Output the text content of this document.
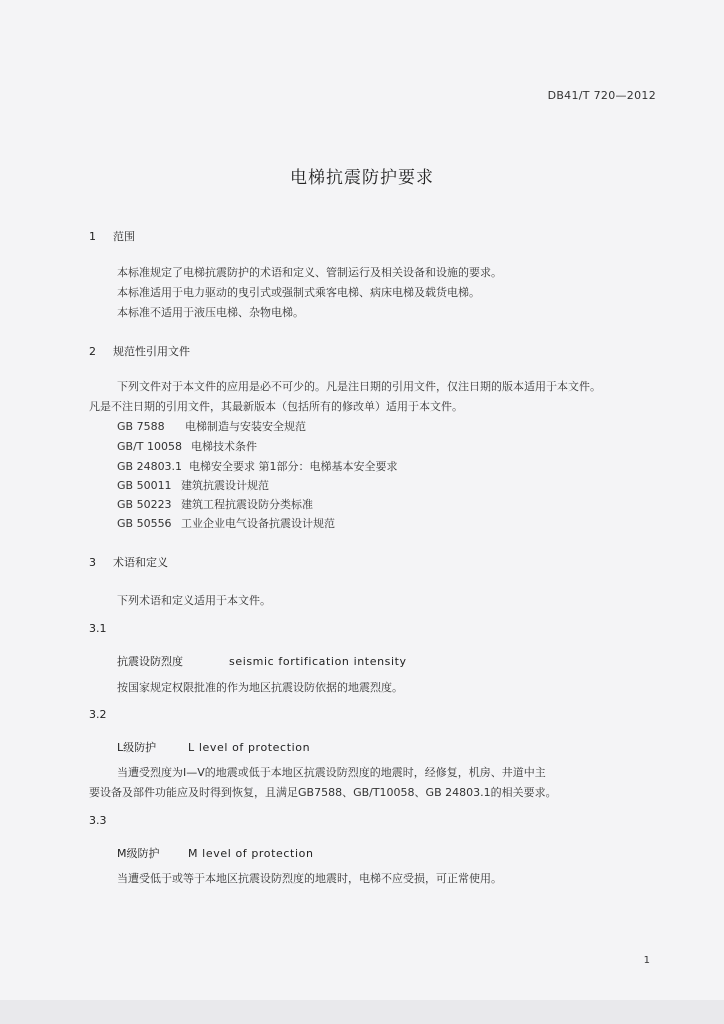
DB41/T 720—2012
电梯抗震防护要求
1 范围
本标准规定了电梯抗震防护的术语和定义、管制运行及相关设备和设施的要求。
本标准适用于电力驱动的曳引式或强制式乘客电梯、病床电梯及载货电梯。
本标准不适用于液压电梯、杂物电梯。
2 规范性引用文件
下列文件对于本文件的应用是必不可少的。凡是注日期的引用文件，仅注日期的版本适用于本文件。
凡是不注日期的引用文件，其最新版本（包括所有的修改单）适用于本文件。
GB 7588 电梯制造与安装安全规范
GB/T 10058 电梯技术条件
GB 24803.1 电梯安全要求 第1部分：电梯基本安全要求
GB 50011 建筑抗震设计规范
GB 50223 建筑工程抗震设防分类标准
GB 50556 工业企业电气设备抗震设计规范
3 术语和定义
下列术语和定义适用于本文件。
3.1
抗震设防烈度	seismic fortification intensity
按国家规定权限批准的作为地区抗震设防依据的地震烈度。
3.2
L级防护	L level of protection
当遭受烈度为Ⅰ—Ⅴ的地震或低于本地区抗震设防烈度的地震时，经修复，机房、井道中主
要设备及部件功能应及时得到恢复，且满足GB7588、GB/T10058、GB 24803.1的相关要求。
3.3
M级防护	M level of protection
当遭受低于或等于本地区抗震设防烈度的地震时，电梯不应受损，可正常使用。
1
